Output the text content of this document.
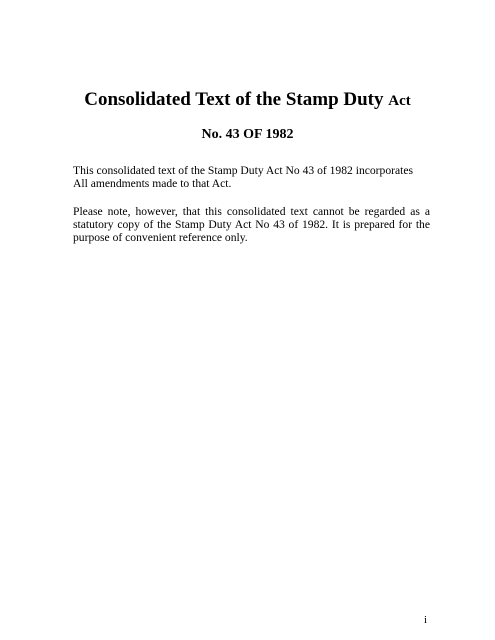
Consolidated Text of the Stamp Duty Act
No. 43 OF 1982

This consolidated text of the Stamp Duty Act No 43 of 1982 incorporates
All amendments made to that Act.

Please note, however, that this consolidated text cannot be regarded as a statutory copy of the Stamp Duty Act No 43 of 1982. It is prepared for the purpose of convenient reference only.

i
